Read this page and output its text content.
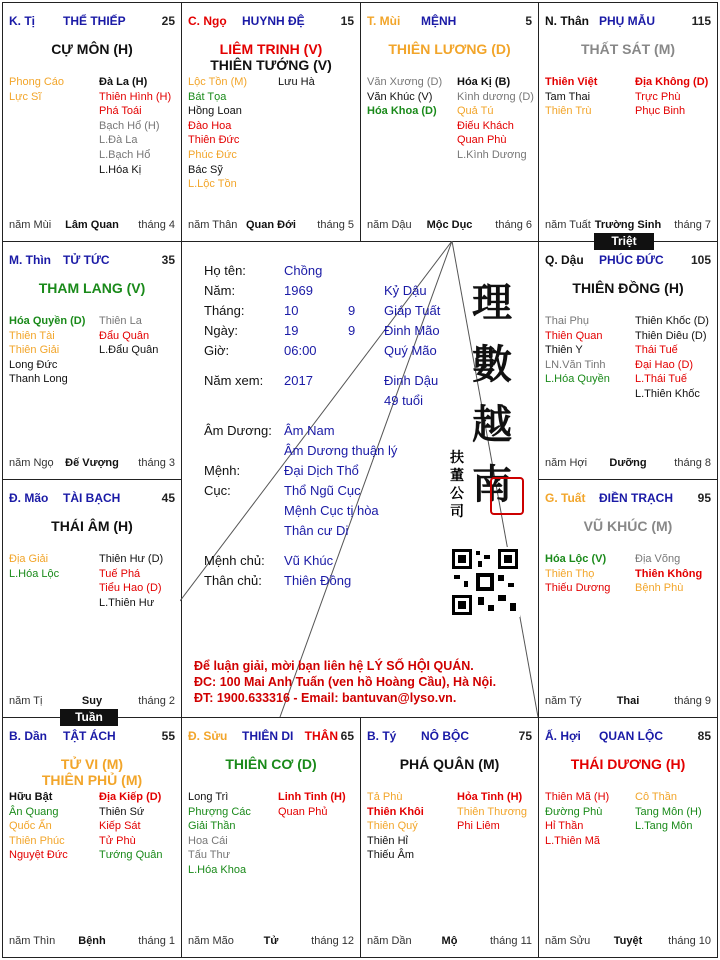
K. Tị THỂ THIẾP	25
CỰ MÔN (H)
Phong Cáo
Lực Sĩ
Đà La (H)
Thiên Hình (H)
Phá Toái
Bạch Hổ (H)
L.Đà La
L.Bạch Hổ
L.Hóa Kị
năm Mùi	Lâm Quan	tháng 4
C. Ngọ HUYNH ĐỆ	15
LIÊM TRINH (V)
THIÊN TƯỚNG (V)
Lộc Tồn (M)
Bát Tọa
Hồng Loan
Đào Hoa
Thiên Đức
Phúc Đức
Bác Sỹ
L.Lộc Tồn
Lưu Hà
năm Thân Quan Đới	tháng 5
T. Mùi MỆNH	5
THIÊN LƯƠNG (D)
Văn Xương (D)
Văn Khúc (V)
Hóa Khoa (D)
Hóa Kị (B)
Kình dương (D)
Quả Tú
Điếu Khách
Quan Phù
L.Kình Dương
năm Dậu	Mộc Dục	tháng 6
N. Thân PHỤ MẪU	115
THẤT SÁT (M)
Thiên Việt
Tam Thai
Thiên Trù
Địa Không (D)
Trực Phù
Phục Binh
năm Tuất Trường Sinh	tháng 7
M. Thìn TỬ TỨC	35
THAM LANG (V)
Hóa Quyền (D)
Thiên Tài
Thiên Giải
Long Đức
Thanh Long
Thiên La
Đẩu Quân
L.Đẩu Quân
năm Ngọ	Đế Vượng	tháng 3
Q. Dậu PHÚC ĐỨC 105
THIÊN ĐỒNG (H)
Thai Phụ
Thiên Quan
Thiên Y
LN.Văn Tinh
L.Hóa Quyền
Thiên Khốc (D)
Thiên Diêu (D)
Thái Tuế
Đại Hao (D)
L.Thái Tuế
L.Thiên Khốc
năm Hợi	Dưỡng	tháng 8
Đ. Mão TÀI BẠCH	45
THÁI ÂM (H)
Địa Giải
L.Hóa Lộc
Thiên Hư (D)
Tuế Phá
Tiểu Hao (D)
L.Thiên Hư
năm Tị	Suy	tháng 2
G. Tuất ĐIỀN TRẠCH 95
VŨ KHÚC (M)
Hóa Lộc (V)
Thiên Thọ
Thiếu Dương
Địa Võng
Thiên Không
Bệnh Phù
năm Tý	Thai	tháng 9
B. Dần TẬT ÁCH	55
TỬ VI (M)
THIÊN PHỦ (M)
Hữu Bật
Ân Quang
Quốc Ấn
Thiên Phúc
Nguyệt Đức
Địa Kiếp (D)
Thiên Sứ
Kiếp Sát
Tử Phù
Tướng Quân
năm Thìn	Bệnh	tháng 1
Đ. Sửu THIÊN DI	65
THÂN
THIÊN CƠ (D)
Long Trì
Phượng Các
Giải Thần
Hoa Cái
Tấu Thư
L.Hóa Khoa
Linh Tinh (H)
Quan Phủ
năm Mão	Tử	tháng 12
B. Tý NÔ BỘC	75
PHÁ QUÂN (M)
Tả Phù
Thiên Khôi
Thiên Quý
Thiên Hỉ
Thiếu Âm
Hỏa Tinh (H)
Thiên Thương
Phi Liêm
năm Dần	Mộ	tháng 11
Ấ. Hợi QUAN LỘC	85
THÁI DƯƠNG (H)
Thiên Mã (H)
Đường Phù
Hỉ Thần
L.Thiên Mã
Cô Thần
Tang Môn (H)
L.Tang Môn
năm Sửu	Tuyệt	tháng 10
Họ tên:	Chồng
Năm:	1969	Kỷ Dậu
Tháng:	10	9 Giáp Tuất
Ngày:	19	9 Đinh Mão
Giờ:	06:00	Quý Mão
Năm xem: 2017	Đinh Dậu
49 tuổi
Âm Dương: Âm Nam
Âm Dương thuận lý
Mệnh:	Đại Dịch Thổ
Cục:	Thổ Ngũ Cục
Mệnh Cục tị hòa
Thân cư Di
Mệnh chủ: Vũ Khúc
Thân chủ: Thiên Đồng
理
數
越
南
扶
董
公
司
Để luận giải, mời bạn liên hệ LÝ SỐ HỘI QUÁN.
ĐC: 100 Mai Anh Tuấn (ven hồ Hoàng Cầu), Hà Nội.
ĐT: 1900.633316 - Email: bantuvan@lyso.vn.
Triệt
Tuần
